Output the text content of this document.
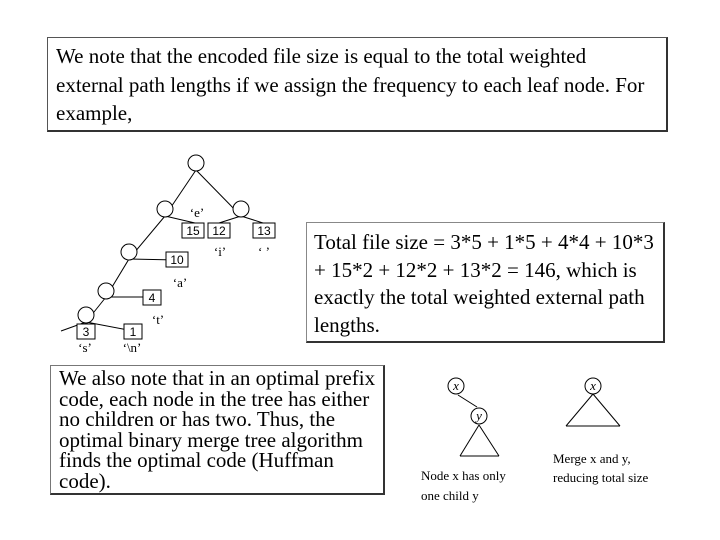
We note that the encoded file size is equal to the total weighted external path lengths if we assign the frequency to each leaf node. For example,

15 12	13
10
4
3	1
‘e’
‘i’ ‘ ’
‘a’
‘t’
‘s’ ‘\n’
x
y
Node x has only
one child y
x
Merge x and y,
reducing total size

Total file size = 3*5 + 1*5 + 4*4 + 10*3 + 15*2 + 12*2 + 13*2 = 146, which is exactly the total weighted external path lengths.

We also note that in an optimal prefix code, each node in the tree has either no children or has two. Thus, the optimal binary merge tree algorithm finds the optimal code (Huffman code).
